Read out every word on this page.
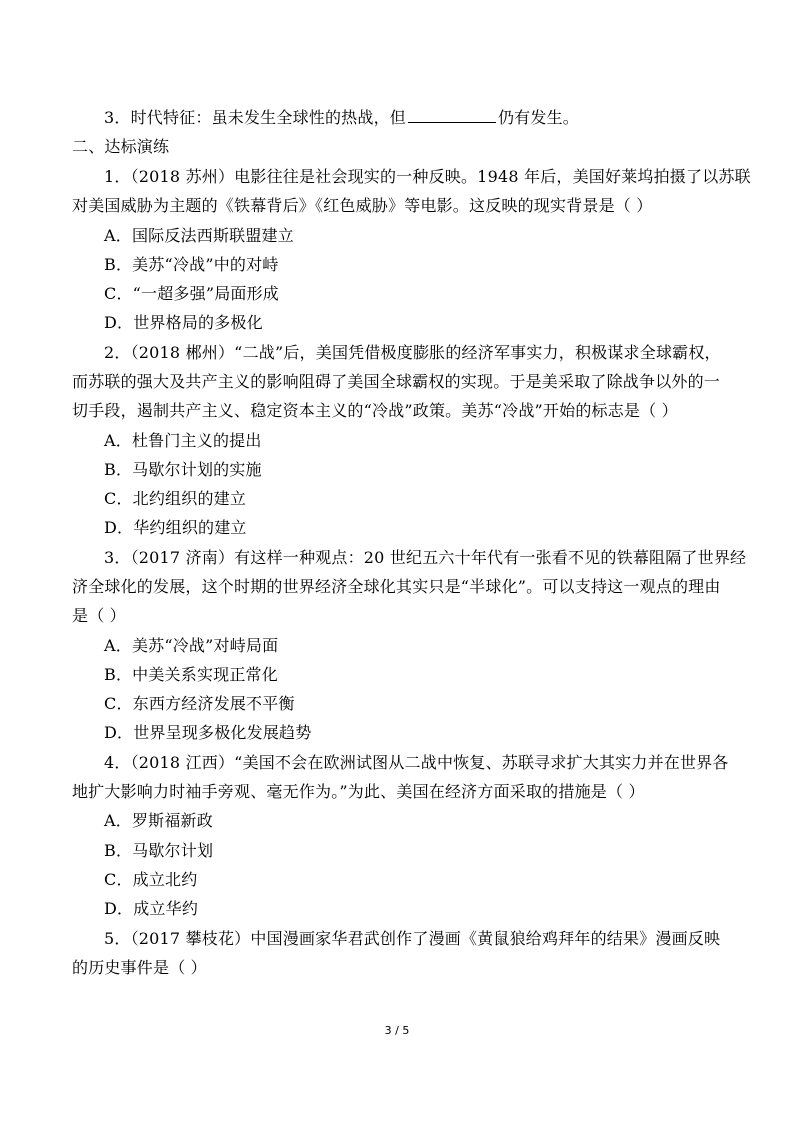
3．时代特征：虽未发生全球性的热战，但	仍有发生。
二、达标演练
1．（2018 苏州）电影往往是社会现实的一种反映。1948 年后，美国好莱坞拍摄了以苏联
对美国威胁为主题的《铁幕背后》《红色威胁》等电影。这反映的现实背景是（ ）
A．国际反法西斯联盟建立
B．美苏“冷战”中的对峙
C．“一超多强”局面形成
D．世界格局的多极化
2．（2018 郴州）“二战”后，美国凭借极度膨胀的经济军事实力，积极谋求全球霸权，
而苏联的强大及共产主义的影响阻碍了美国全球霸权的实现。于是美采取了除战争以外的一
切手段，遏制共产主义、稳定资本主义的“冷战”政策。美苏“冷战”开始的标志是（ ）
A．杜鲁门主义的提出
B．马歇尔计划的实施
C．北约组织的建立
D．华约组织的建立
3．（2017 济南）有这样一种观点：20 世纪五六十年代有一张看不见的铁幕阻隔了世界经
济全球化的发展，这个时期的世界经济全球化其实只是“半球化”。可以支持这一观点的理由
是（ ）
A．美苏“冷战”对峙局面
B．中美关系实现正常化
C．东西方经济发展不平衡
D．世界呈现多极化发展趋势
4．（2018 江西）“美国不会在欧洲试图从二战中恢复、苏联寻求扩大其实力并在世界各
地扩大影响力时袖手旁观、毫无作为。”为此、美国在经济方面采取的措施是（ ）
A．罗斯福新政
B．马歇尔计划
C．成立北约
D．成立华约
5．（2017 攀枝花）中国漫画家华君武创作了漫画《黄鼠狼给鸡拜年的结果》漫画反映
的历史事件是（ ）
3 / 5
